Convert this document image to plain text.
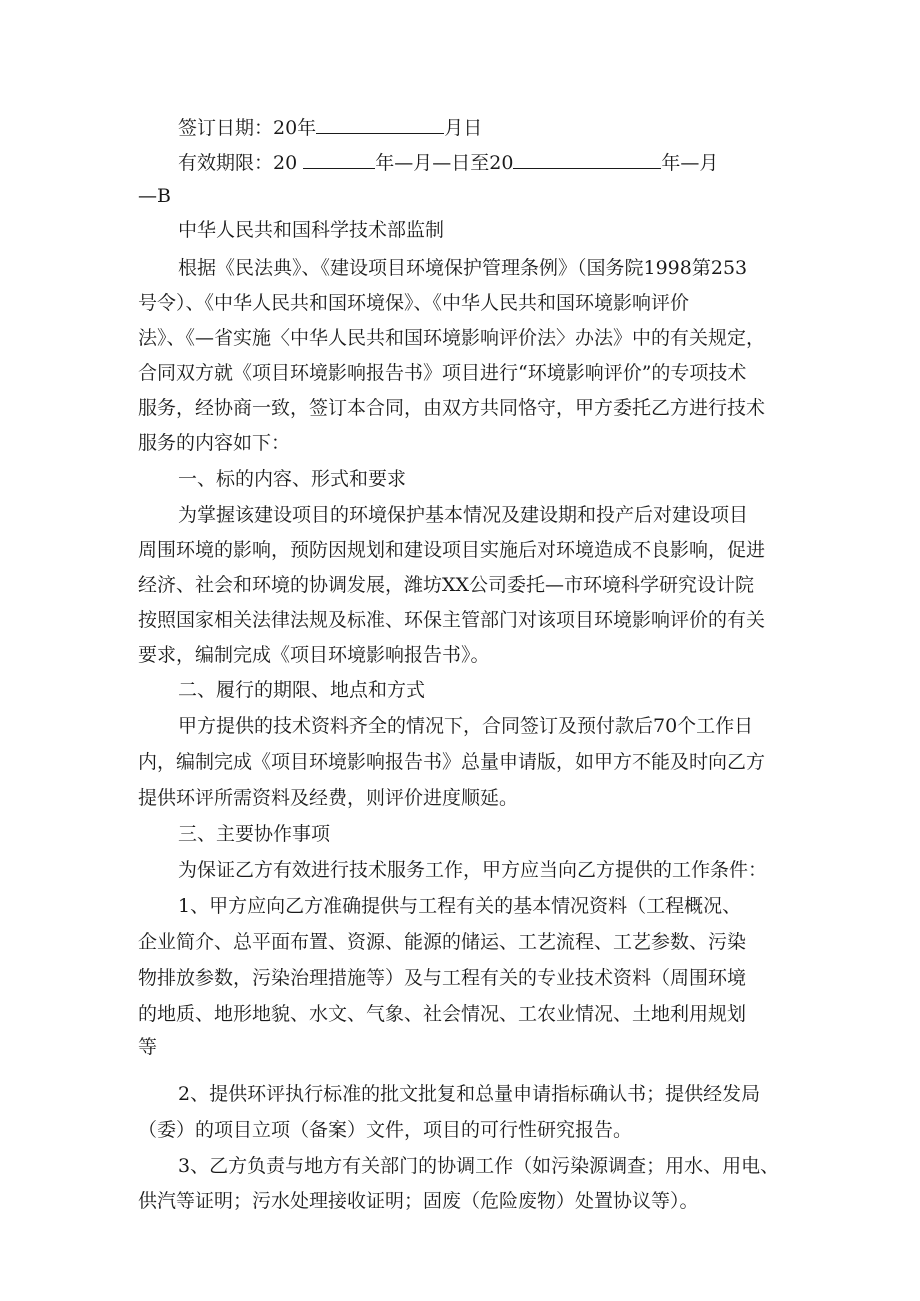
签订日期：20年	月日

有效期限：20	年—月—日至20	年—月

—B

中华人民共和国科学技术部监制

根据《民法典》、《建设项目环境保护管理条例》（国务院1998第253

号令）、《中华人民共和国环境保》、《中华人民共和国环境影响评价

法》、《—省实施〈中华人民共和国环境影响评价法〉办法》中的有关规定，

合同双方就《项目环境影响报告书》项目进行“环境影响评价”的专项技术

服务，经协商一致，签订本合同，由双方共同恪守，甲方委托乙方进行技术

服务的内容如下：

一、标的内容、形式和要求

为掌握该建设项目的环境保护基本情况及建设期和投产后对建设项目

周围环境的影响，预防因规划和建设项目实施后对环境造成不良影响，促进

经济、社会和环境的协调发展，潍坊XX公司委托—市环境科学研究设计院

按照国家相关法律法规及标准、环保主管部门对该项目环境影响评价的有关

要求，编制完成《项目环境影响报告书》。

二、履行的期限、地点和方式

甲方提供的技术资料齐全的情况下，合同签订及预付款后70个工作日

内，编制完成《项目环境影响报告书》总量申请版，如甲方不能及时向乙方

提供环评所需资料及经费，则评价进度顺延。

三、主要协作事项

为保证乙方有效进行技术服务工作，甲方应当向乙方提供的工作条件：

1、甲方应向乙方准确提供与工程有关的基本情况资料（工程概况、

企业简介、总平面布置、资源、能源的储运、工艺流程、工艺参数、污染

物排放参数，污染治理措施等）及与工程有关的专业技术资料（周围环境

的地质、地形地貌、水文、气象、社会情况、工农业情况、土地利用规划

等

2、提供环评执行标准的批文批复和总量申请指标确认书；提供经发局

（委）的项目立项（备案）文件，项目的可行性研究报告。

3、乙方负责与地方有关部门的协调工作（如污染源调查；用水、用电、

供汽等证明；污水处理接收证明；固废（危险废物）处置协议等）。
